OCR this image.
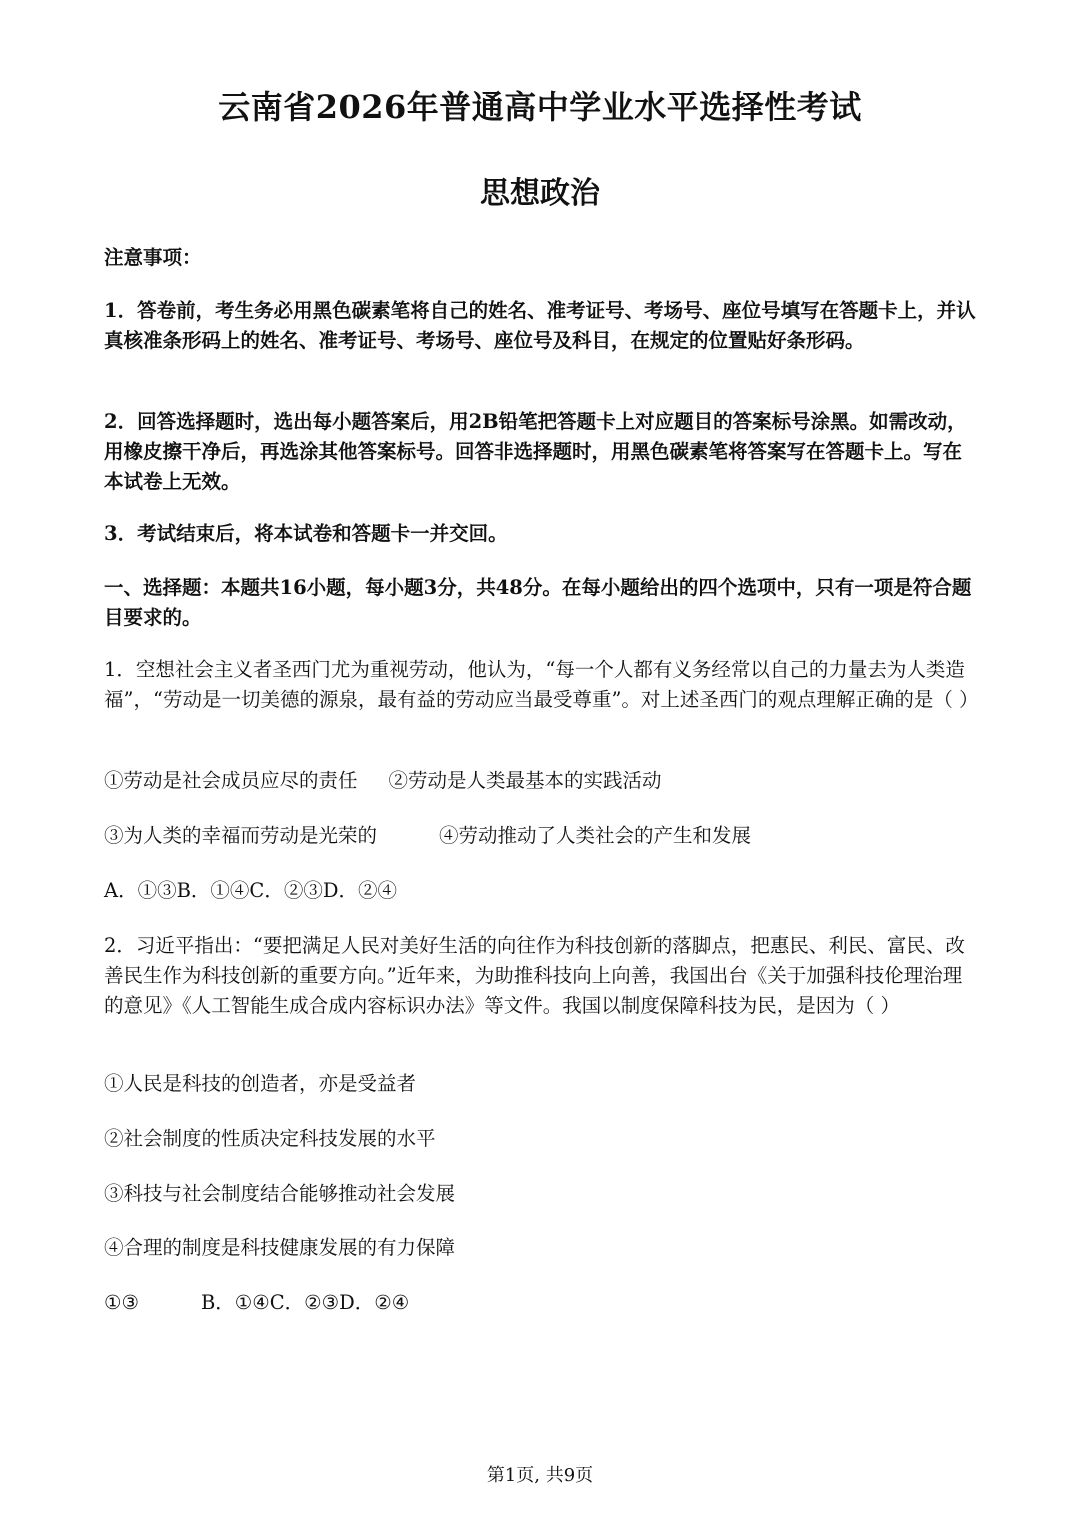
云南省2026年普通高中学业水平选择性考试
思想政治
注意事项：
1．答卷前，考生务必用黑色碳素笔将自己的姓名、准考证号、考场号、座位号填写在答题卡上，并认真核准条形码上的姓名、准考证号、考场号、座位号及科目，在规定的位置贴好条形码。
2．回答选择题时，选出每小题答案后，用2B铅笔把答题卡上对应题目的答案标号涂黑。如需改动，用橡皮擦干净后，再选涂其他答案标号。回答非选择题时，用黑色碳素笔将答案写在答题卡上。写在本试卷上无效。
3．考试结束后，将本试卷和答题卡一并交回。
一、选择题：本题共16小题，每小题3分，共48分。在每小题给出的四个选项中，只有一项是符合题目要求的。
1．空想社会主义者圣西门尤为重视劳动，他认为，“每一个人都有义务经常以自己的力量去为人类造福”，“劳动是一切美德的源泉，最有益的劳动应当最受尊重”。对上述圣西门的观点理解正确的是（ ）
①劳动是社会成员应尽的责任     ②劳动是人类最基本的实践活动
③为人类的幸福而劳动是光荣的          ④劳动推动了人类社会的产生和发展
A．①③B．①④C．②③D．②④
2．习近平指出：“要把满足人民对美好生活的向往作为科技创新的落脚点，把惠民、利民、富民、改善民生作为科技创新的重要方向。”近年来，为助推科技向上向善，我国出台《关于加强科技伦理治理的意见》《人工智能生成合成内容标识办法》等文件。我国以制度保障科技为民，是因为（ ）
①人民是科技的创造者，亦是受益者
②社会制度的性质决定科技发展的水平
③科技与社会制度结合能够推动社会发展
④合理的制度是科技健康发展的有力保障
①③          B．①④C．②③D．②④
第1页, 共9页
